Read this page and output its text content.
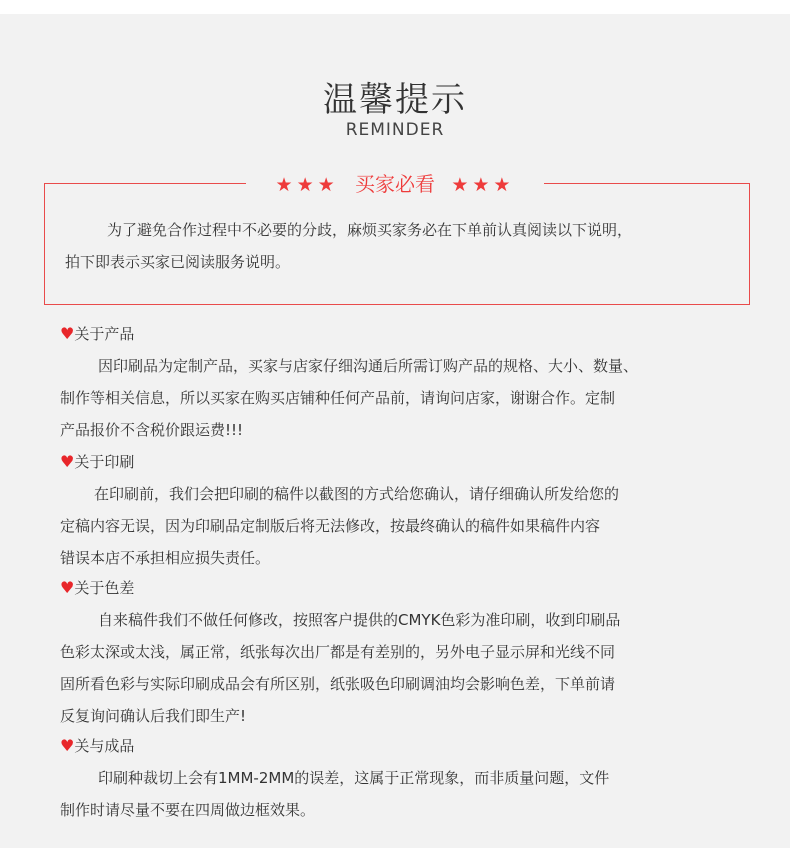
温馨提示
REMINDER
为了避免合作过程中不必要的分歧，麻烦买家务必在下单前认真阅读以下说明，
拍下即表示买家已阅读服务说明。
★★★ 买家必看 ★★★
♥关于产品
因印刷品为定制产品，买家与店家仔细沟通后所需订购产品的规格、大小、数量、
制作等相关信息，所以买家在购买店铺种任何产品前，请询问店家，谢谢合作。定制
产品报价不含税价跟运费!!!
♥关于印刷
在印刷前，我们会把印刷的稿件以截图的方式给您确认，请仔细确认所发给您的
定稿内容无误，因为印刷品定制版后将无法修改，按最终确认的稿件如果稿件内容
错误本店不承担相应损失责任。
♥关于色差
自来稿件我们不做任何修改，按照客户提供的CMYK色彩为准印刷，收到印刷品
色彩太深或太浅，属正常，纸张每次出厂都是有差别的，另外电子显示屏和光线不同
固所看色彩与实际印刷成品会有所区别，纸张吸色印刷调油均会影响色差，下单前请
反复询问确认后我们即生产!
♥关与成品
印刷种裁切上会有1MM-2MM的误差，这属于正常现象，而非质量问题，文件
制作时请尽量不要在四周做边框效果。
